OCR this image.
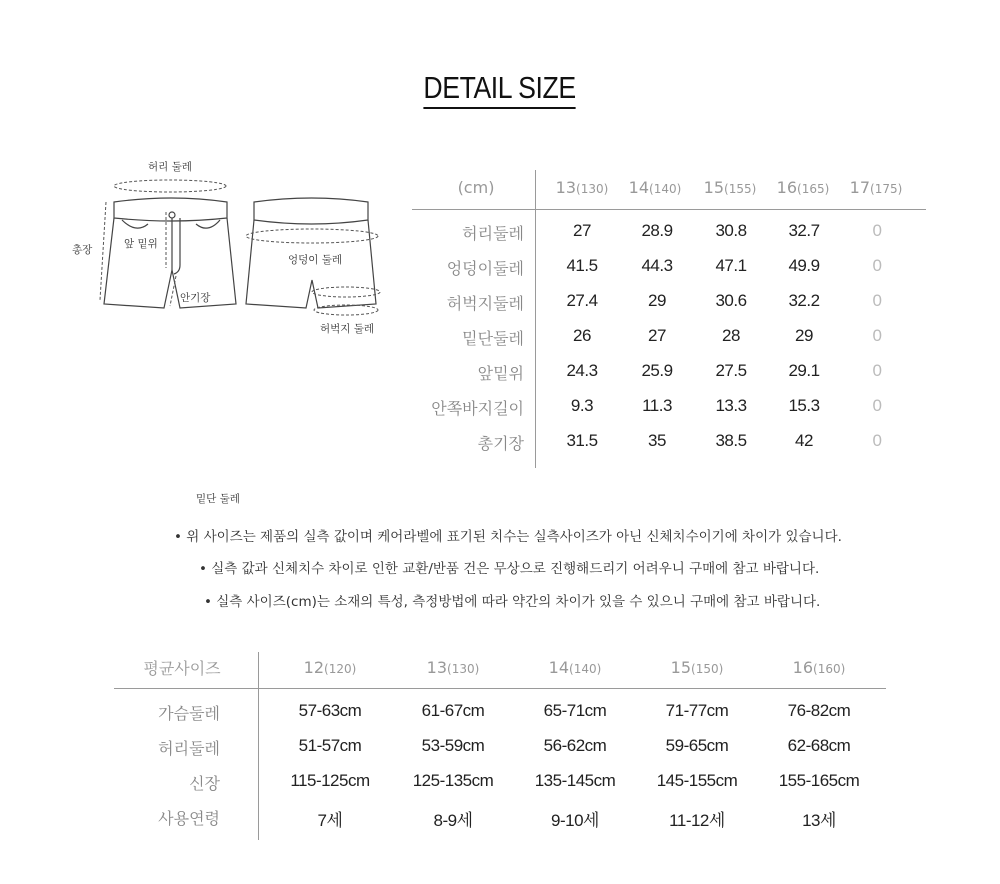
DETAIL SIZE
허리 둘레
총장	앞 밑위
안기장
엉덩이 둘레
허벅지 둘레
밑단 둘레
(cm)	13(130)	14(140)	15(155)	16(165)	17(175)
허리둘레	27	28.9	30.8	32.7	0
엉덩이둘레	41.5	44.3	47.1	49.9	0
허벅지둘레	27.4	29	30.6	32.2	0
밑단둘레	26	27	28	29	0
앞밑위	24.3	25.9	27.5	29.1	0
안쪽바지길이	9.3	11.3	13.3	15.3	0
총기장	31.5	35	38.5	42	0
• 위 사이즈는 제품의 실측 값이며 케어라벨에 표기된 치수는 실측사이즈가 아닌 신체치수이기에 차이가 있습니다.
• 실측 값과 신체치수 차이로 인한 교환/반품 건은 무상으로 진행해드리기 어려우니 구매에 참고 바랍니다.
• 실측 사이즈(cm)는 소재의 특성, 측정방법에 따라 약간의 차이가 있을 수 있으니 구매에 참고 바랍니다.
평균사이즈	12(120)	13(130)	14(140)	15(150)	16(160)
가슴둘레	57-63cm	61-67cm	65-71cm	71-77cm	76-82cm
허리둘레	51-57cm	53-59cm	56-62cm	59-65cm	62-68cm
신장	115-125cm	125-135cm	135-145cm	145-155cm	155-165cm
사용연령	7세	8-9세	9-10세	11-12세	13세
